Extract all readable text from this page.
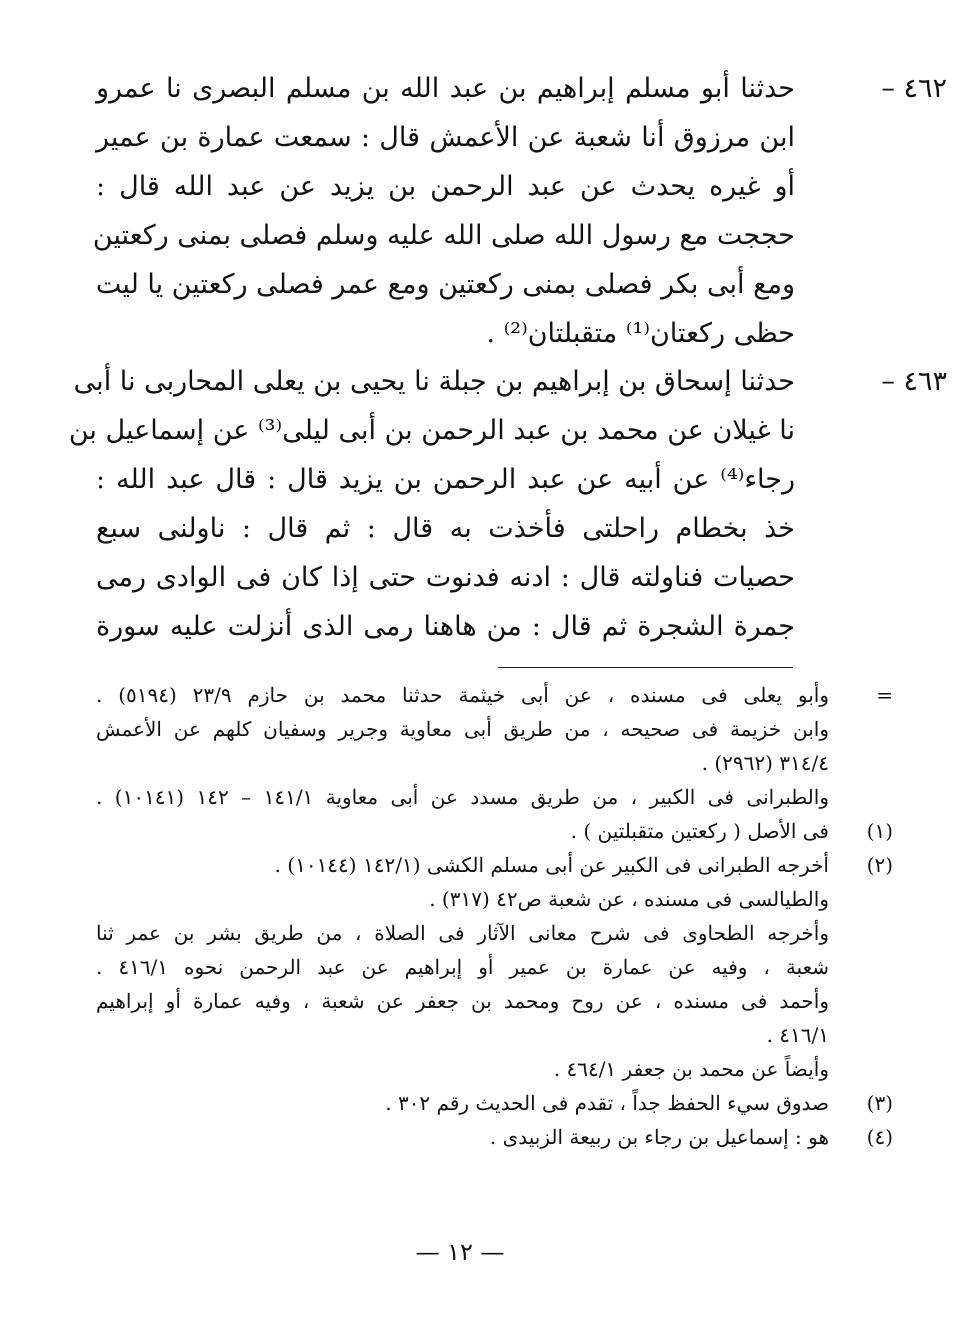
٤٦٢ –
حدثنا أبو مسلم إبراهيم بن عبد الله بن مسلم البصرى نا عمرو
ابن مرزوق أنا شعبة عن الأعمش قال : سمعت عمارة بن عمير
أو غيره يحدث عن عبد الرحمن بن يزيد عن عبد الله قال :
حججت مع رسول الله صلى الله عليه وسلم فصلى بمنى ركعتين
ومع أبى بكر فصلى بمنى ركعتين ومع عمر فصلى ركعتين يا ليت
حظى ركعتان⁽¹⁾ متقبلتان⁽²⁾ .
٤٦٣ –
حدثنا إسحاق بن إبراهيم بن جبلة نا يحيى بن يعلى المحاربى نا أبى
نا غيلان عن محمد بن عبد الرحمن بن أبى ليلى⁽³⁾ عن إسماعيل بن
رجاء⁽⁴⁾ عن أبيه عن عبد الرحمن بن يزيد قال : قال عبد الله :
خذ بخطام راحلتى فأخذت به قال : ثم قال : ناولنى سبع
حصيات فناولته قال : ادنه فدنوت حتى إذا كان فى الوادى رمى
جمرة الشجرة ثم قال : من هاهنا رمى الذى أنزلت عليه سورة
=
وأبو يعلى فى مسنده ، عن أبى خيثمة حدثنا محمد بن حازم ٢٣/٩ (٥١٩٤) .
وابن خزيمة فى صحيحه ، من طريق أبى معاوية وجرير وسفيان كلهم عن الأعمش
٣١٤/٤ (٢٩٦٢) .
والطبرانى فى الكبير ، من طريق مسدد عن أبى معاوية ١٤١/١ – ١٤٢ (١٠١٤١) .
(١)
فى الأصل ( ركعتين متقبلتين ) .
(٢)
أخرجه الطبرانى فى الكبير عن أبى مسلم الكشى (١٤٢/١ (١٠١٤٤) .
والطيالسى فى مسنده ، عن شعبة ص٤٢ (٣١٧) .
وأخرجه الطحاوى فى شرح معانى الآثار فى الصلاة ، من طريق بشر بن عمر ثنا
شعبة ، وفيه عن عمارة بن عمير أو إبراهيم عن عبد الرحمن نحوه ٤١٦/١ .
وأحمد فى مسنده ، عن روح ومحمد بن جعفر عن شعبة ، وفيه عمارة أو إبراهيم
٤١٦/١ .
وأيضاً عن محمد بن جعفر ٤٦٤/١ .
(٣)
صدوق سيء الحفظ جداً ، تقدم فى الحديث رقم ٣٠٢ .
(٤)
هو : إسماعيل بن رجاء بن ربيعة الزبيدى .
— ١٢ —
